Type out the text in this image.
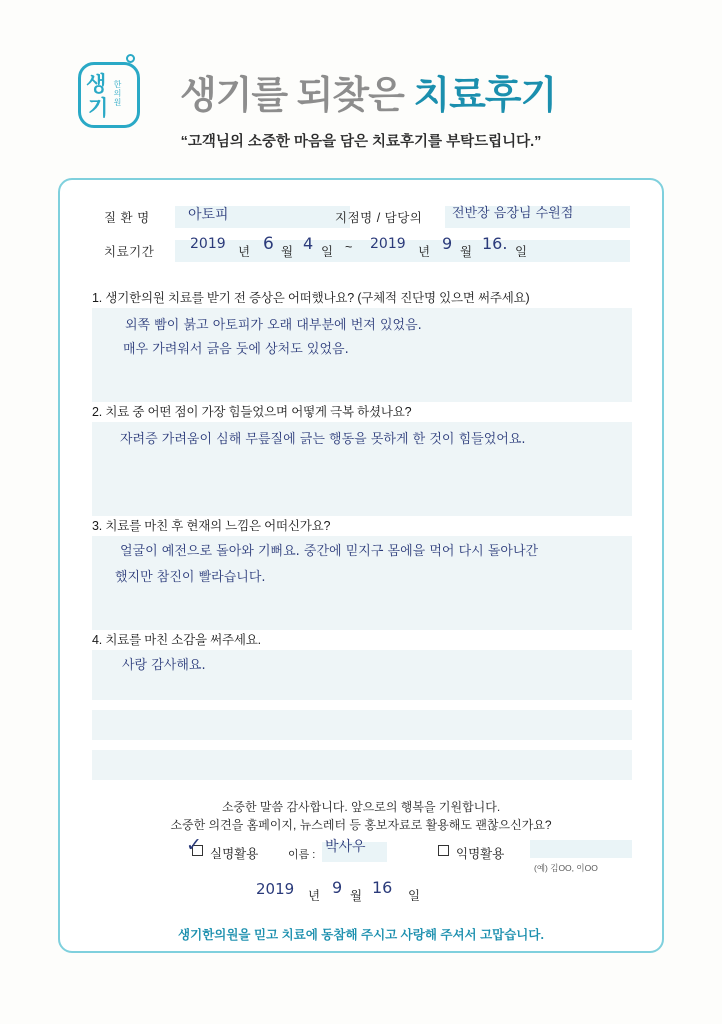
생 한의원
기 생기를 되찾은 치료후기
“고객님의 소중한 마음을 담은 치료후기를 부탁드립니다.”
질 환 명	아토피	지점명 / 담당의 전반장 음장님 수원점
치료기간	2019 년 6 월 4 일 ~ 2019 년 9 월 16. 일
1. 생기한의원 치료를 받기 전 증상은 어떠했나요? (구체적 진단명 있으면 써주세요)
외쪽 빰이 붉고 아토피가 오래 대부분에 번져 있었음.
매우 가려워서 긁음 둣에 상처도 있었음.
2. 치료 중 어떤 점이 가장 힘들었으며 어떻게 극복 하셨나요?
자려증 가려움이 심해 무릎질에 긁는 행동을 못하게 한 것이 힘들었어요.
3. 치료를 마친 후 현재의 느낌은 어떠신가요?
얼굴이 예전으로 돌아와 기뻐요. 중간에 믿지구 몸에을 먹어 다시 돌아나간
했지만 참진이 빨라습니다.
4. 치료를 마친 소감을 써주세요.
사랑 감사해요.
소중한 말씀 감사합니다. 앞으로의 행복을 기원합니다.
소중한 의견을 홈페이지, 뉴스레터 등 홍보자료로 활용해도 괜찮으신가요?
✓ 실명활용	이름 : 박사우	익명활용
(예) 김OO, 이OO
2019 년 9 월 16 일
생기한의원을 믿고 치료에 동참해 주시고 사랑해 주셔서 고맙습니다.
